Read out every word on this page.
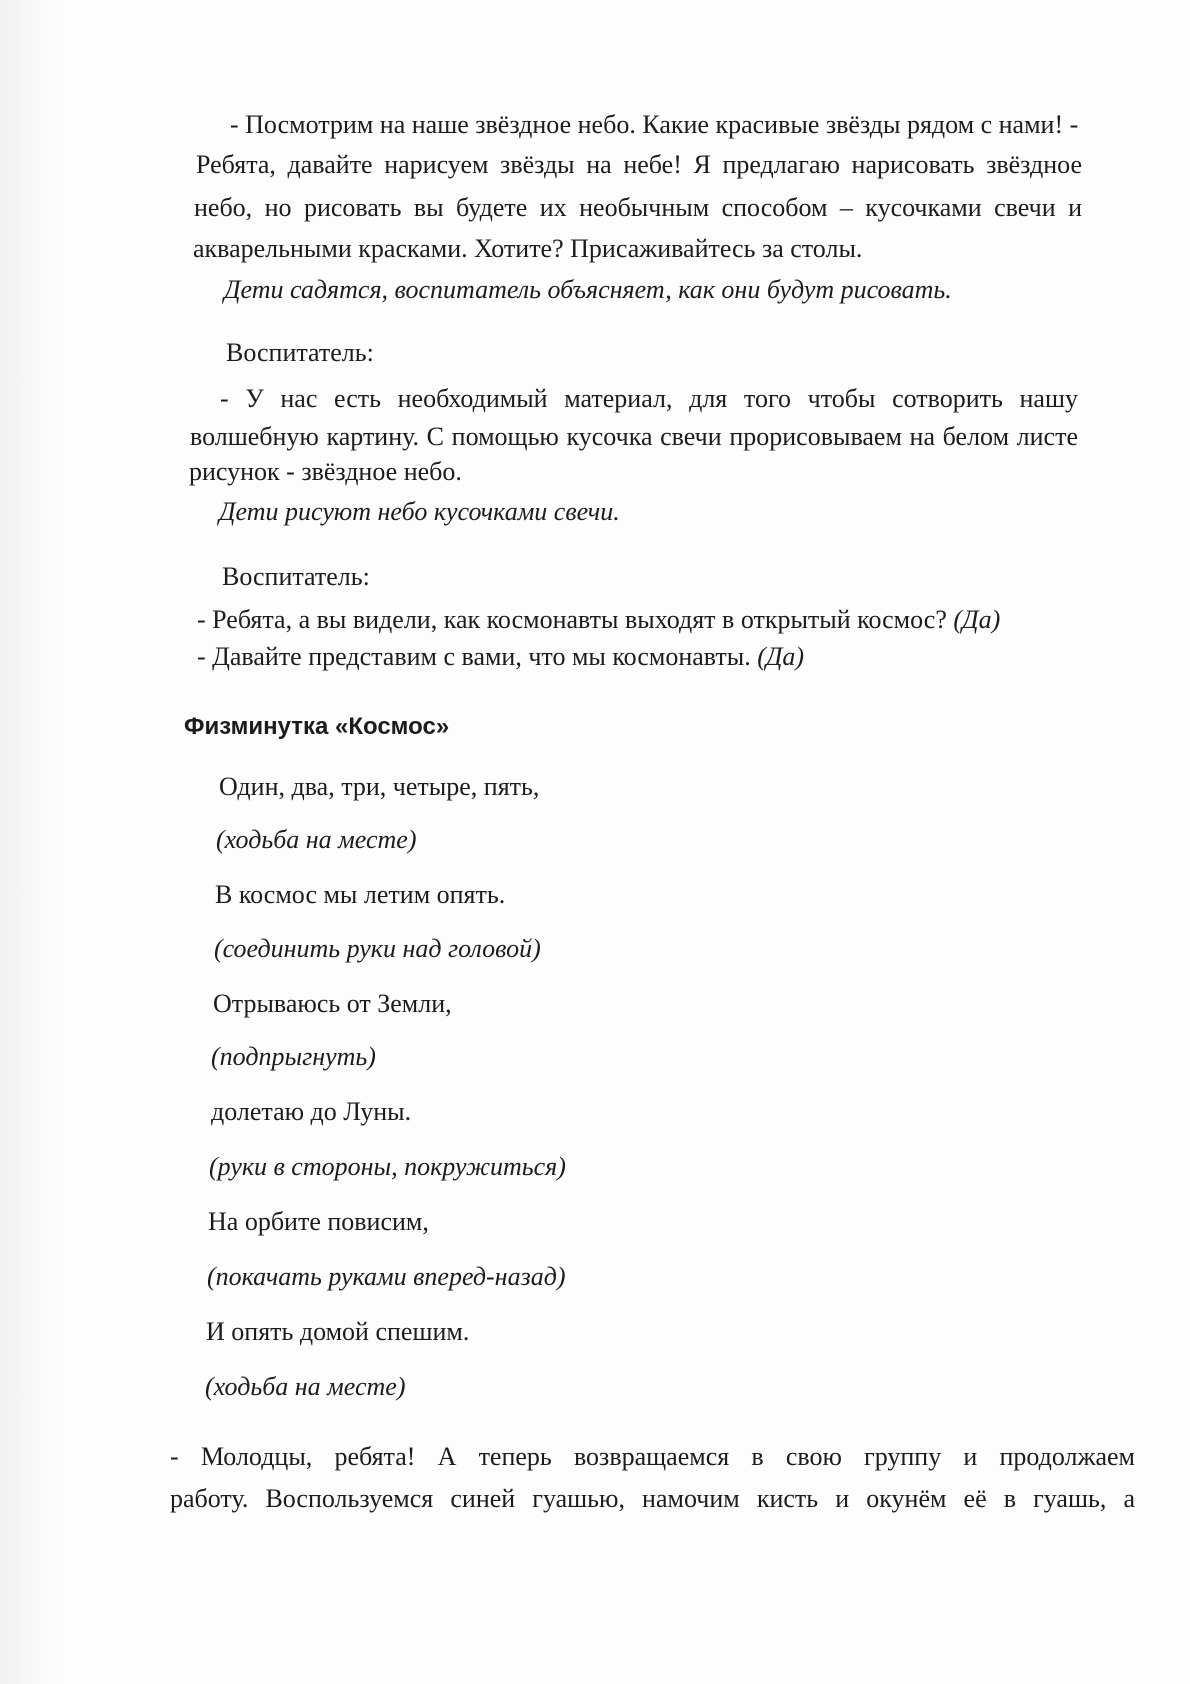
- Посмотрим на наше звёздное небо. Какие красивые звёзды рядом с нами! -
Ребята, давайте нарисуем звёзды на небе! Я предлагаю нарисовать звёздное
небо, но рисовать вы будете их необычным способом – кусочками свечи и
акварельными красками. Хотите? Присаживайтесь за столы.
Дети садятся, воспитатель объясняет, как они будут рисовать.
Воспитатель:
- У нас есть необходимый материал, для того чтобы сотворить нашу
волшебную картину. С помощью кусочка свечи прорисовываем на белом листе
рисунок - звёздное небо.
Дети рисуют небо кусочками свечи.
Воспитатель:
- Ребята, а вы видели, как космонавты выходят в открытый космос? (Да)
- Давайте представим с вами, что мы космонавты. (Да)
Физминутка «Космос»
Один, два, три, четыре, пять,
(ходьба на месте)
В космос мы летим опять.
(соединить руки над головой)
Отрываюсь от Земли,
(подпрыгнуть)
долетаю до Луны.
(руки в стороны, покружиться)
На орбите повисим,
(покачать руками вперед-назад)
И опять домой спешим.
(ходьба на месте)
- Молодцы, ребята! А теперь возвращаемся в свою группу и продолжаем
работу. Воспользуемся синей гуашью, намочим кисть и окунём её в гуашь, а
